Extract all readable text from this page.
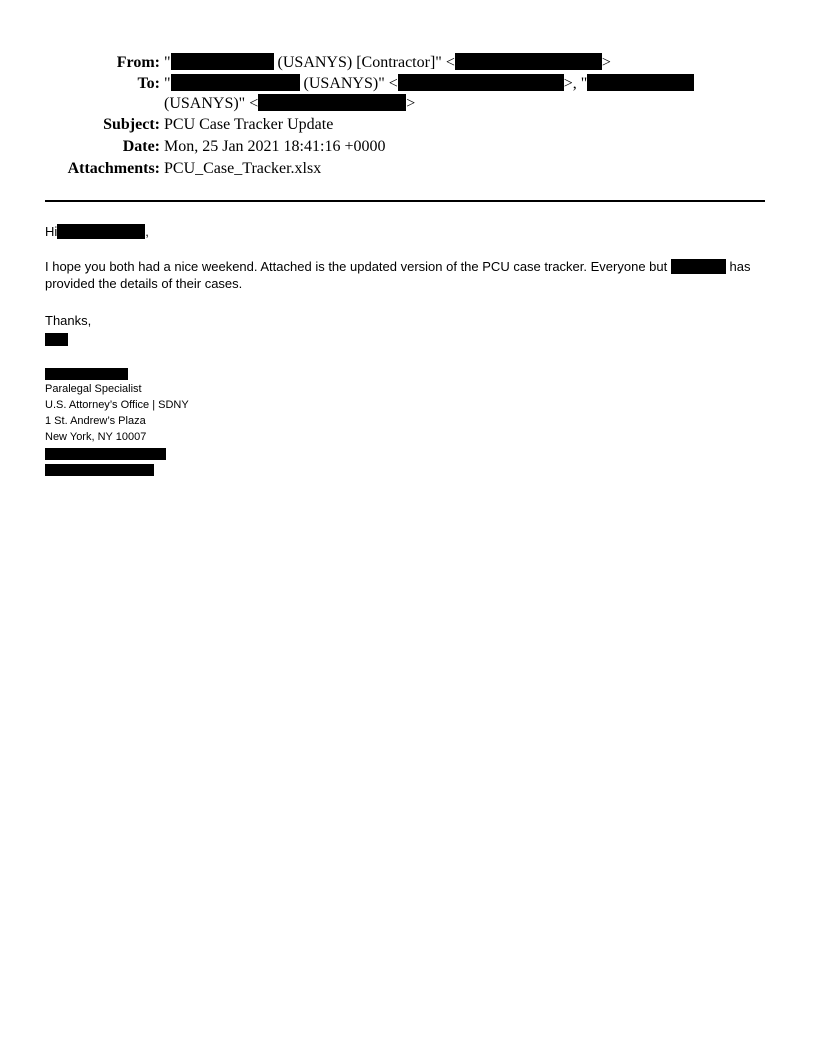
From: "	(USANYS) [Contractor]" <	>
To: "	(USANYS)" <	>, "
(USANYS)" <	>
Subject: PCU Case Tracker Update
Date: Mon, 25 Jan 2021 18:41:16 +0000
Attachments: PCU_Case_Tracker.xlsx
Hi	,
I hope you both had a nice weekend. Attached is the updated version of the PCU case tracker. Everyone but	has
provided the details of their cases.
Thanks,
Paralegal Specialist
U.S. Attorney’s Office | SDNY
1 St. Andrew’s Plaza
New York, NY 10007
